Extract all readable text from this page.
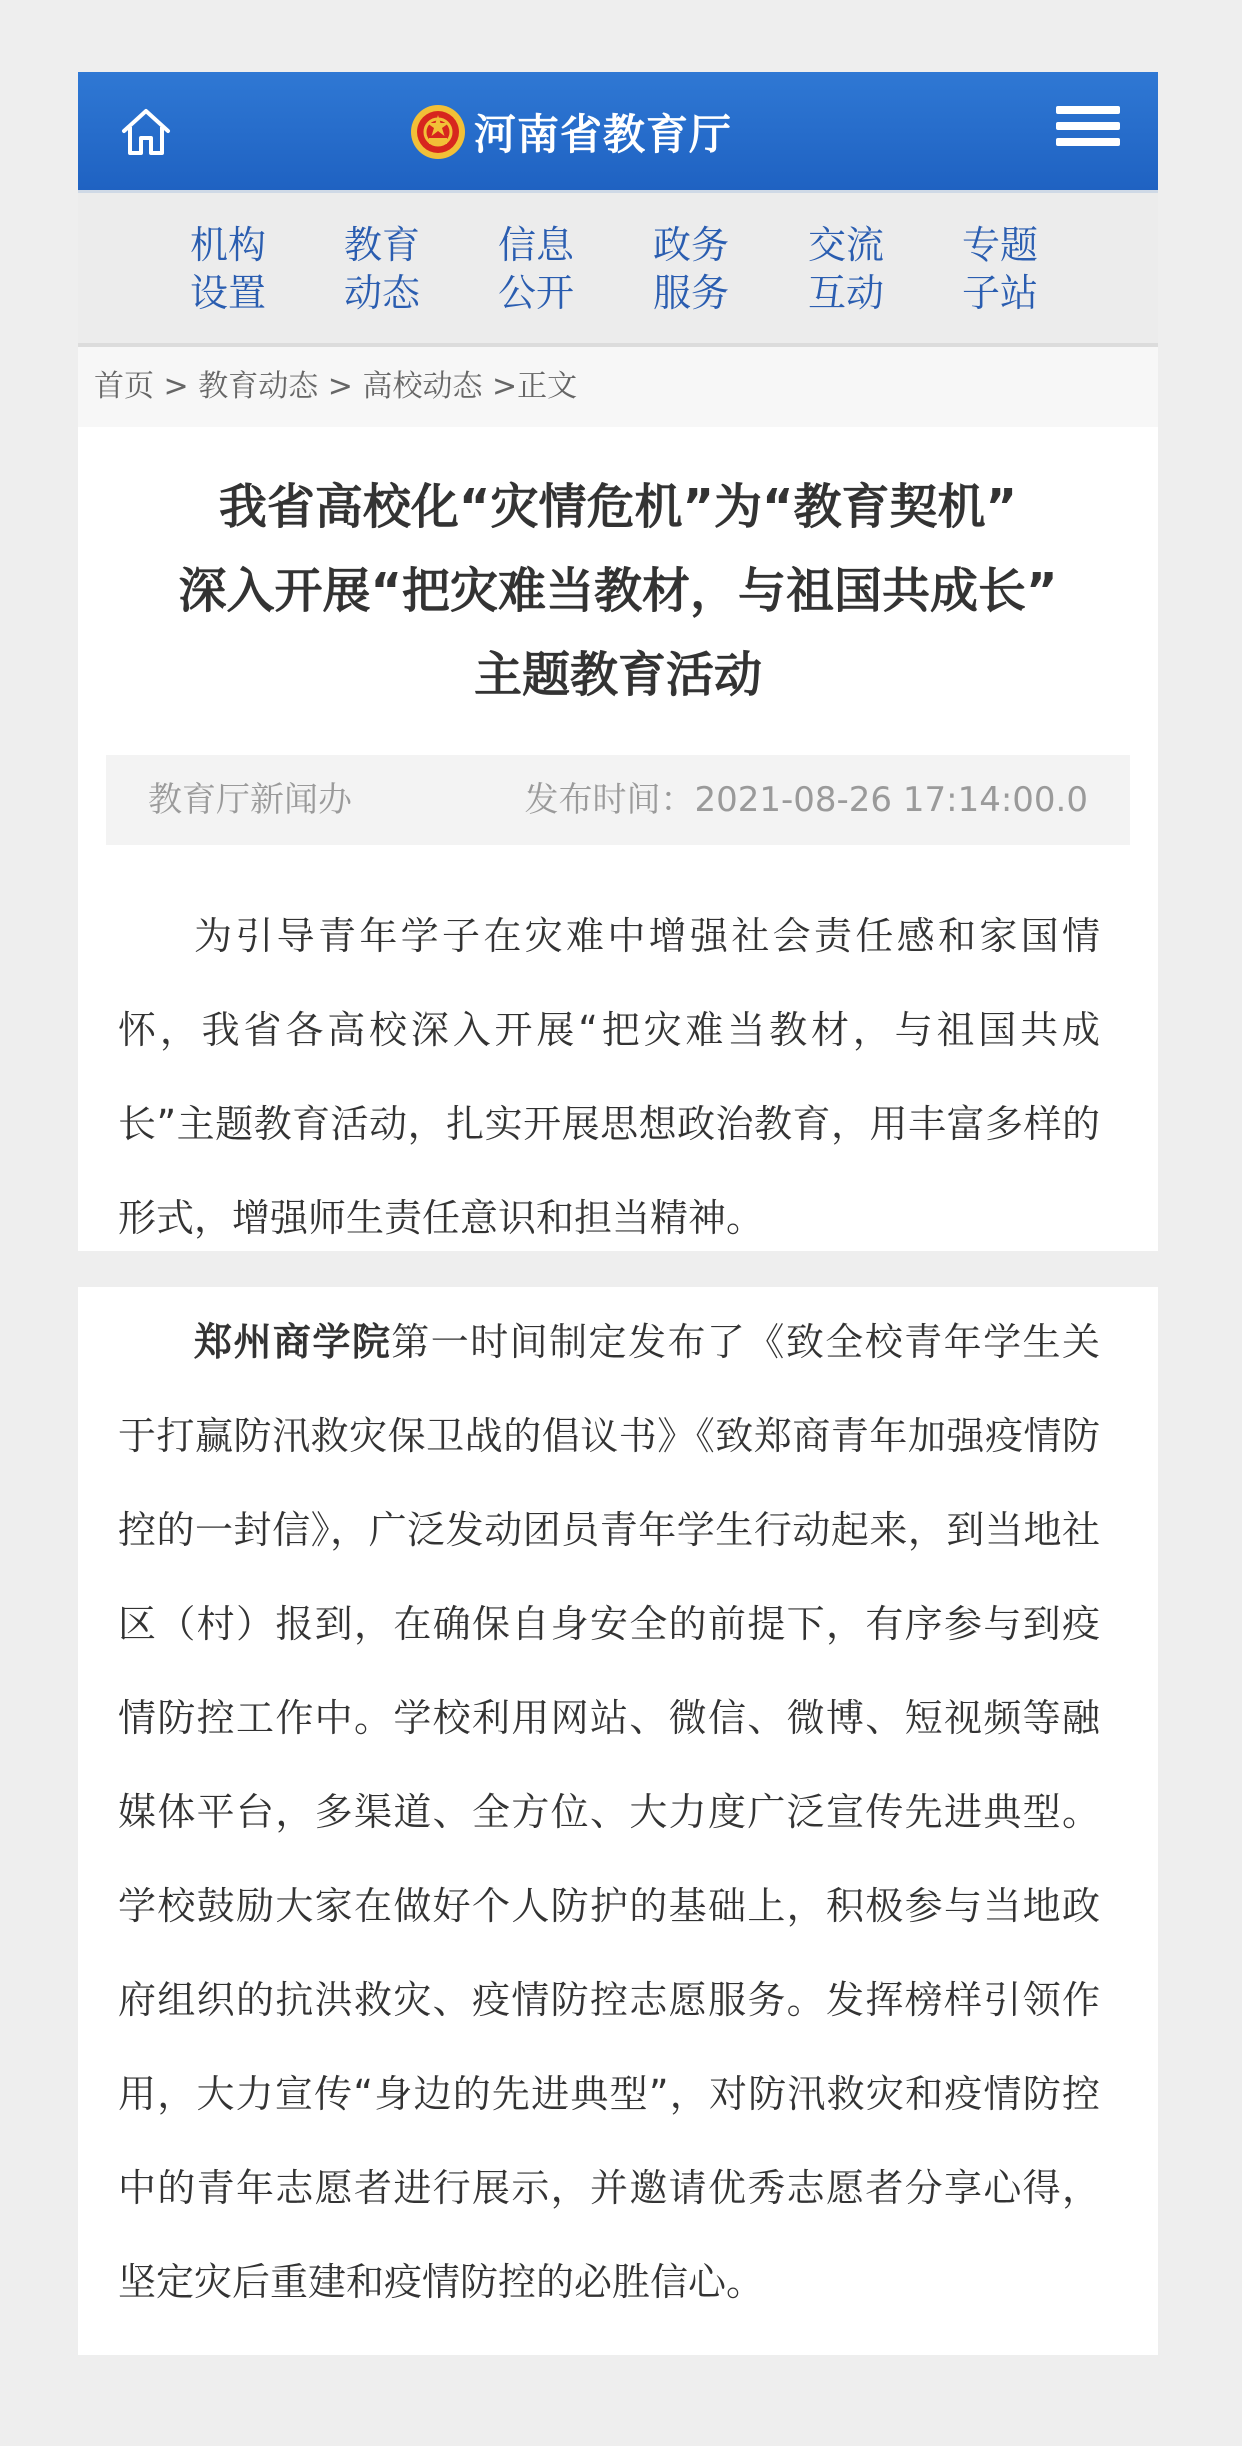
河南省教育厅
机构
设置
教育
动态
信息
公开
政务
服务
交流
互动
专题
子站
首页 > 教育动态 > 高校动态 >正文
我省高校化“灾情危机”为“教育契机”
深入开展“把灾难当教材，与祖国共成长”
主题教育活动
教育厅新闻办	发布时间：2021-08-26 17:14:00.0

为引导青年学子在灾难中增强社会责任感和家国情怀，我省各高校深入开展“把灾难当教材，与祖国共成长”主题教育活动，扎实开展思想政治教育，用丰富多样的形式，增强师生责任意识和担当精神。

郑州商学院第一时间制定发布了《致全校青年学生关于打赢防汛救灾保卫战的倡议书》《致郑商青年加强疫情防控的一封信》，广泛发动团员青年学生行动起来，到当地社区（村）报到，在确保自身安全的前提下，有序参与到疫情防控工作中。学校利用网站、微信、微博、短视频等融媒体平台，多渠道、全方位、大力度广泛宣传先进典型。学校鼓励大家在做好个人防护的基础上，积极参与当地政府组织的抗洪救灾、疫情防控志愿服务。发挥榜样引领作用，大力宣传“身边的先进典型”，对防汛救灾和疫情防控中的青年志愿者进行展示，并邀请优秀志愿者分享心得，坚定灾后重建和疫情防控的必胜信心。
